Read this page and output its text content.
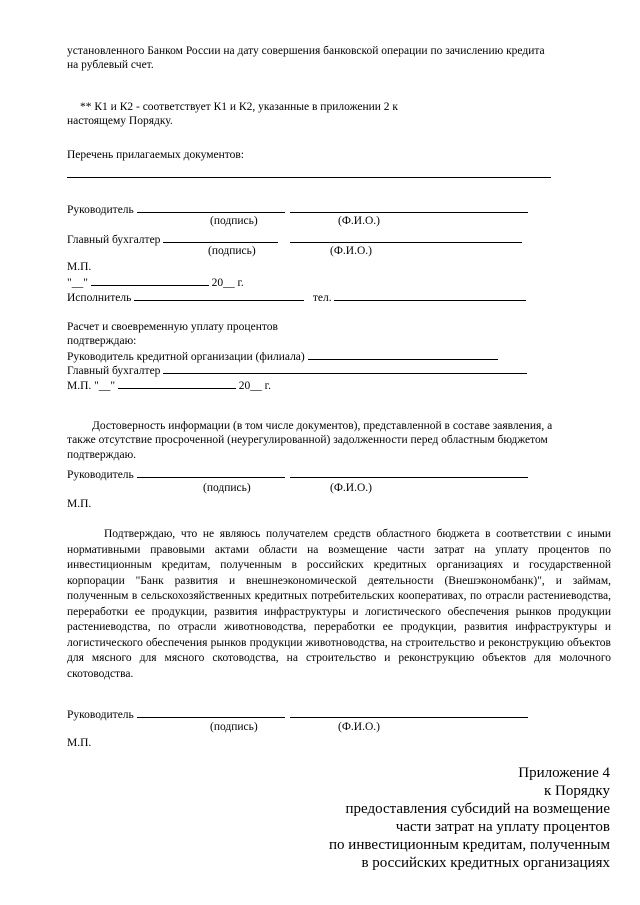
установленного Банком России на дату совершения банковской операции по зачислению кредита
на рублевый счет.
** К1 и К2 - соответствует К1 и К2, указанные в приложении 2 к
настоящему Порядку.
Перечень прилагаемых документов:
Руководитель
(подпись)	(Ф.И.О.)
Главный бухгалтер
(подпись)	(Ф.И.О.)
М.П.
"__"	20__ г.
Исполнитель	тел.
Расчет и своевременную уплату процентов
подтверждаю:
Руководитель кредитной организации (филиала)
Главный бухгалтер
М.П. "__"	20__ г.
Достоверность информации (в том числе документов), представленной в составе заявления, а
также отсутствие просроченной (неурегулированной) задолженности перед областным бюджетом
подтверждаю.
Руководитель
(подпись)	(Ф.И.О.)
М.П.
Подтверждаю, что не являюсь получателем средств областного бюджета в соответствии с иными нормативными правовыми актами области на возмещение части затрат на уплату процентов по инвестиционным кредитам, полученным в российских кредитных организациях и государственной корпорации "Банк развития и внешнеэкономической деятельности (Внешэкономбанк)", и займам, полученным в сельскохозяйственных кредитных потребительских кооперативах, по отрасли растениеводства, переработки ее продукции, развития инфраструктуры и логистического обеспечения рынков продукции растениеводства, по отрасли животноводства, переработки ее продукции, развития инфраструктуры и логистического обеспечения рынков продукции животноводства, на строительство и реконструкцию объектов для мясного для мясного скотоводства, на строительство и реконструкцию объектов для молочного скотоводства.
Руководитель
(подпись)	(Ф.И.О.)
М.П.
Приложение 4
к Порядку
предоставления субсидий на возмещение
части затрат на уплату процентов
по инвестиционным кредитам, полученным
в российских кредитных организациях
